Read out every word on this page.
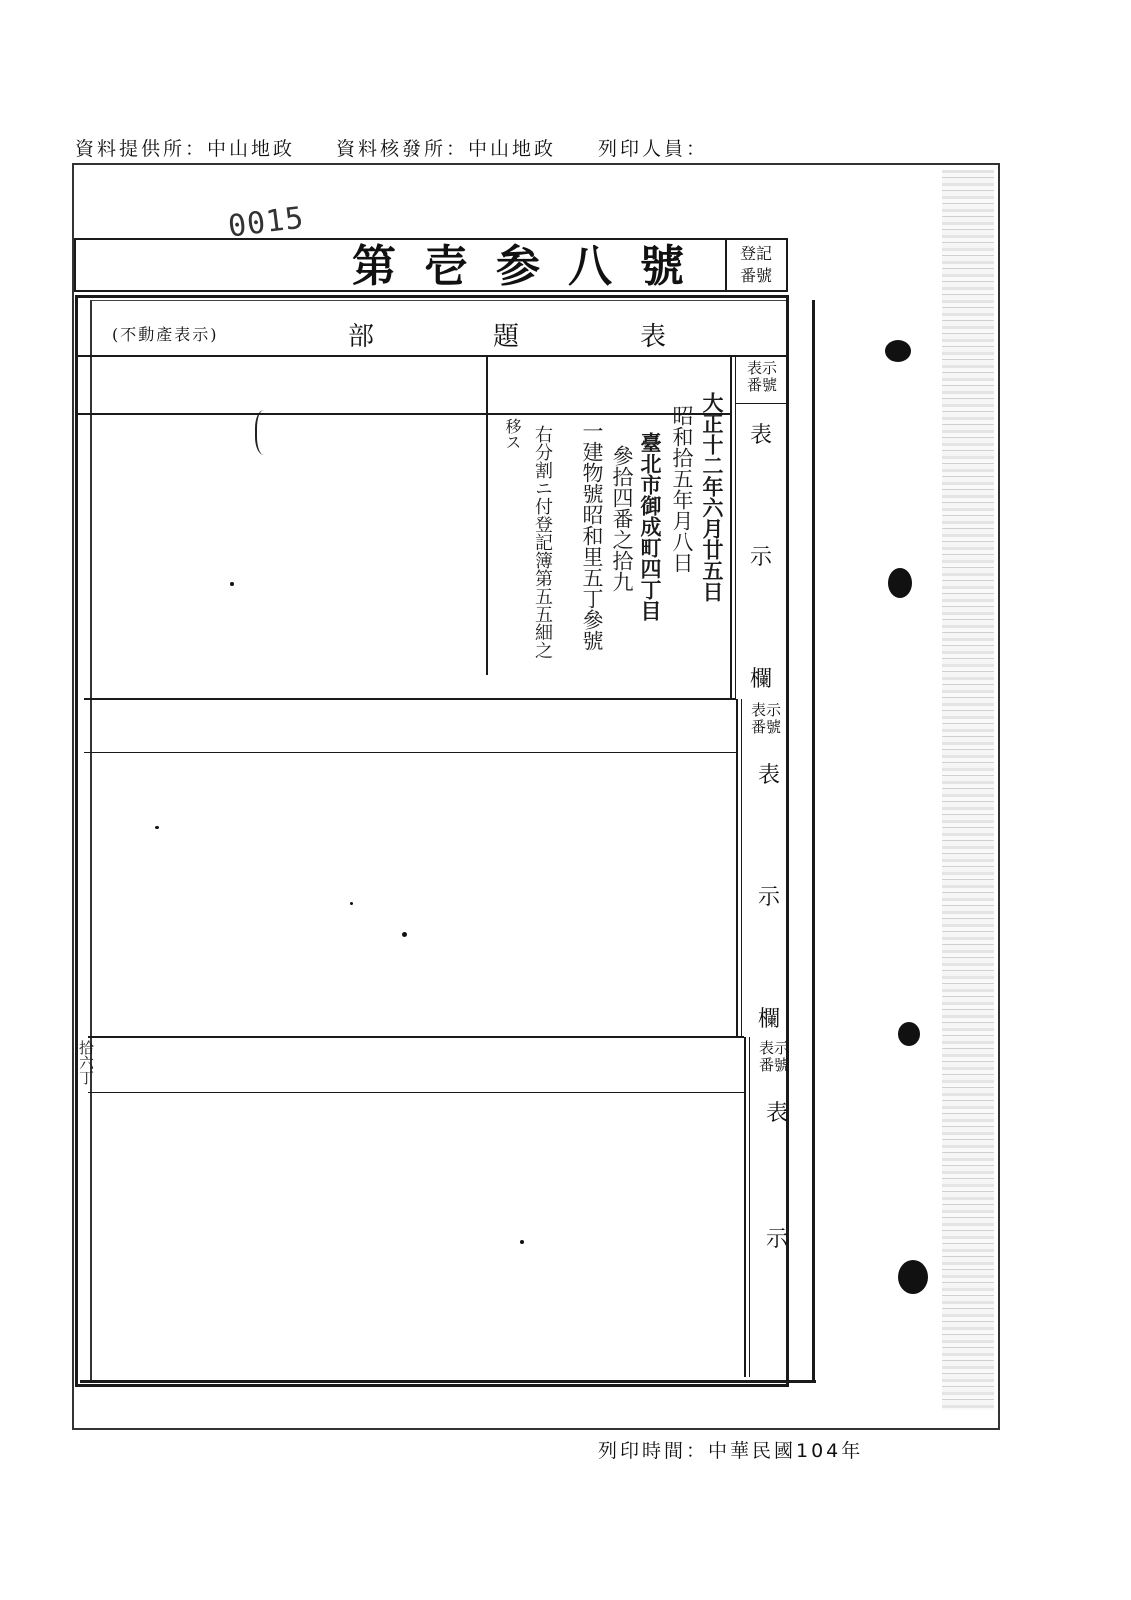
資料提供所：中山地政 資料核發所：中山地政 列印人員：
0015
第壱参八號	登記
番號
(不動產表示)	部	題	表
表示
番號
表
示
欄
大正十二年六月廿五日
昭和拾五年月八日
臺北市御成町四丁目
參拾四番之拾九
一建物號昭和里五丁參號
右分割ニ付登記簿第五五細之
移ス
表示
番號
表
示
欄
表示
番號
表
示
拾六丁
列印時間：中華民國104年
